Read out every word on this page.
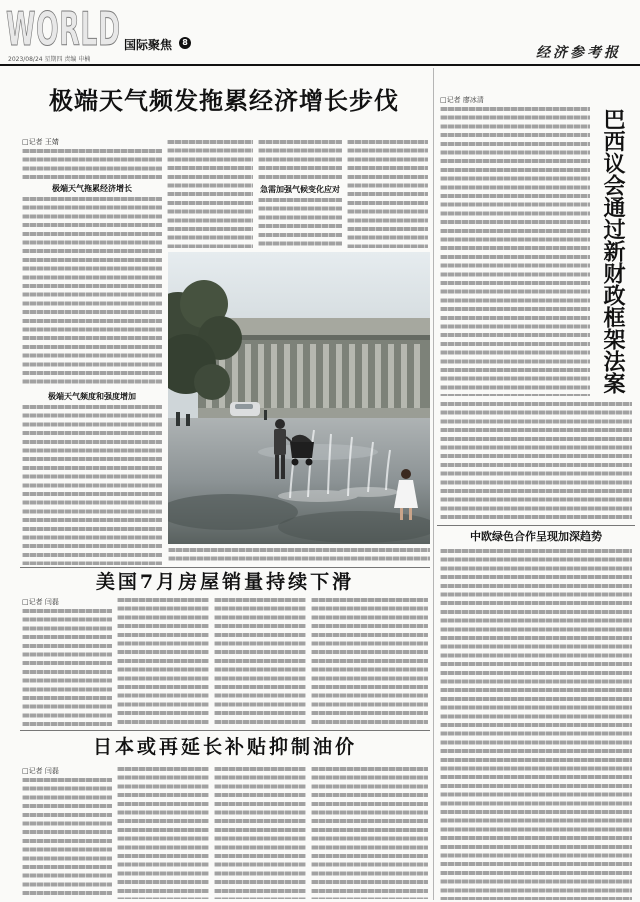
WORLD 国际聚焦	8
2023/08/24 星期四 责编 申楠	经济参考报
极端天气频发拖累经济增长步伐
□记者 王婧
极端天气拖累经济增长
极端天气频度和强度增加
急需加强气候变化应对
美国7月房屋销量持续下滑
□记者 闫磊
日本或再延长补贴抑制油价
□记者 闫磊
□记者 廖冰清
巴西议会通过新财政框架法案
中欧绿色合作呈现加深趋势
